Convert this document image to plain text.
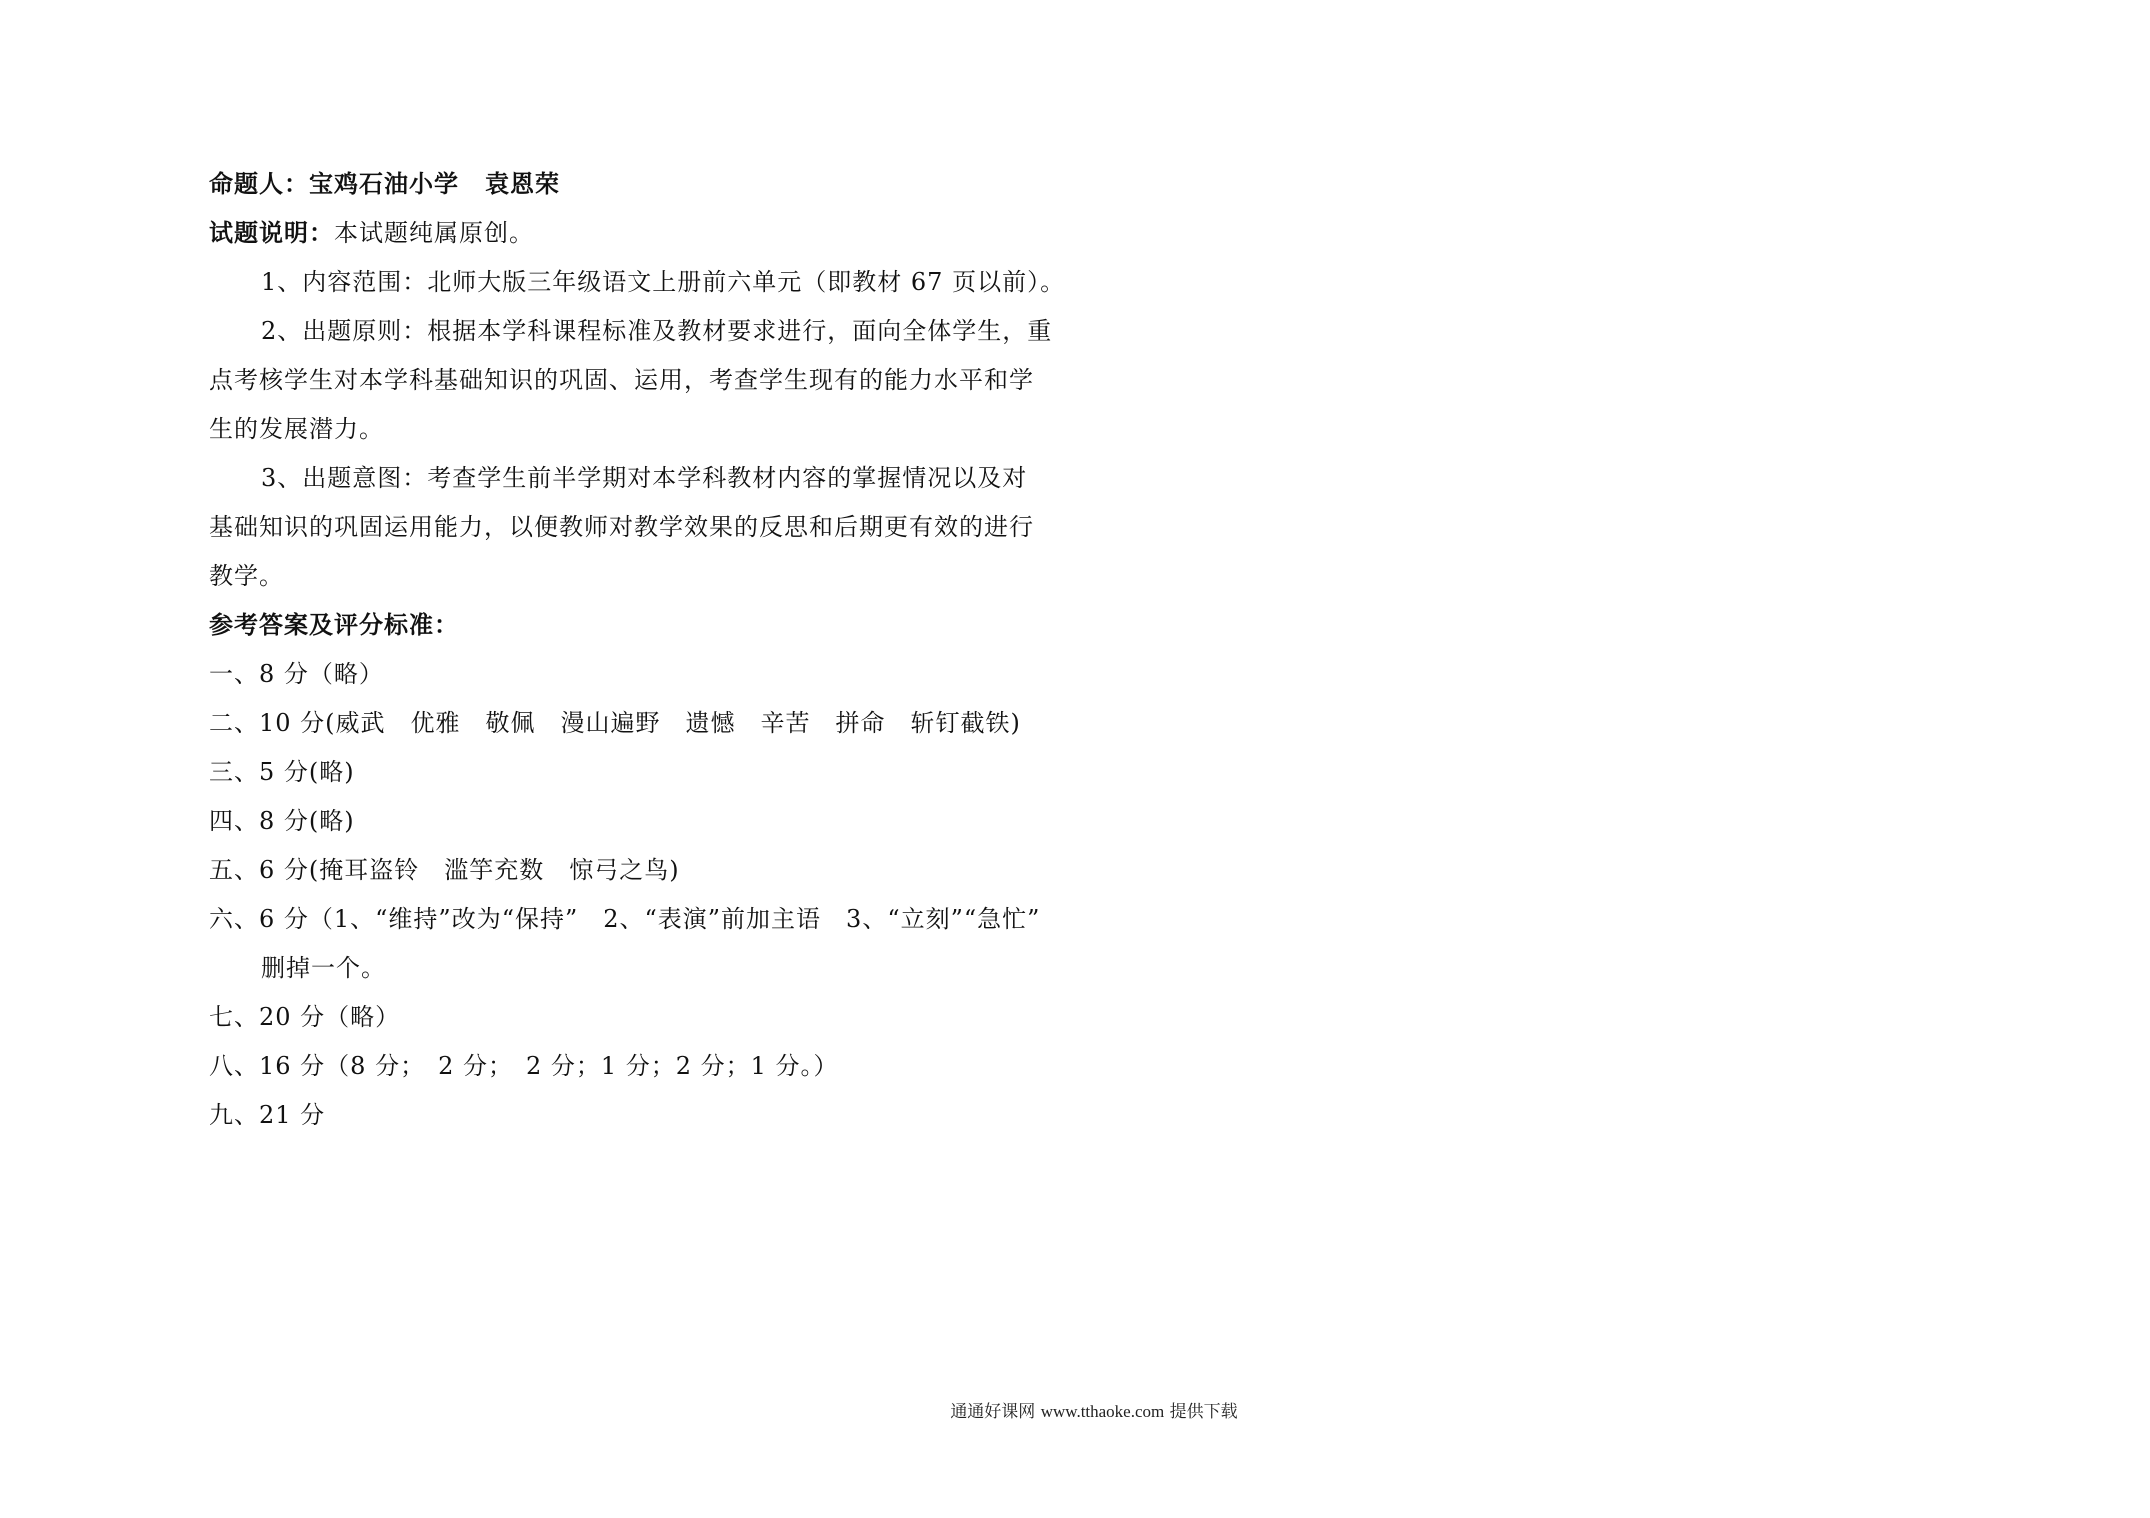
命题人：宝鸡石油小学 袁恩荣
试题说明：本试题纯属原创。
1、内容范围：北师大版三年级语文上册前六单元（即教材 67 页以前）。
2、出题原则：根据本学科课程标准及教材要求进行，面向全体学生，重
点考核学生对本学科基础知识的巩固、运用，考查学生现有的能力水平和学
生的发展潜力。
3、出题意图：考查学生前半学期对本学科教材内容的掌握情况以及对
基础知识的巩固运用能力，以便教师对教学效果的反思和后期更有效的进行
教学。
参考答案及评分标准：
一、8 分（略）
二、10 分(威武　优雅　敬佩　漫山遍野　遗憾　辛苦　拼命　斩钉截铁)
三、5 分(略)
四、8 分(略)
五、6 分(掩耳盗铃　滥竽充数　惊弓之鸟)
六、6 分（1、“维持”改为“保持”　2、“表演”前加主语　3、“立刻”“急忙”
删掉一个。
七、20 分（略）
八、16 分（8 分；　2 分；　2 分；1 分；2 分；1 分。）
九、21 分
通通好课网 www.tthaoke.com 提供下载
